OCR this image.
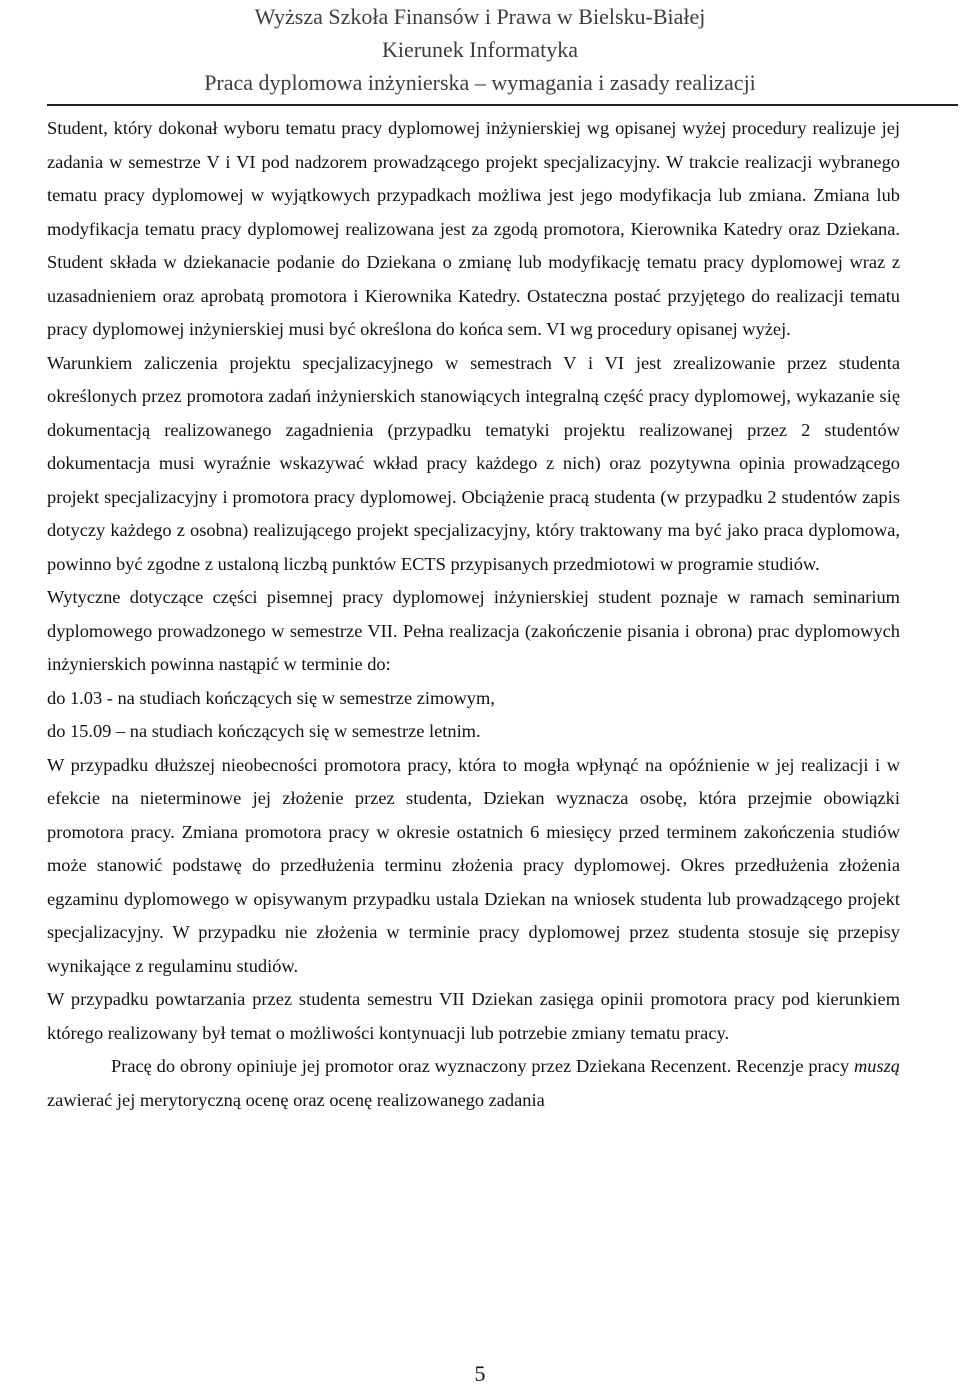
Wyższa Szkoła Finansów i Prawa w Bielsku-Białej
Kierunek Informatyka
Praca dyplomowa inżynierska – wymagania i zasady realizacji

Student, który dokonał wyboru tematu pracy dyplomowej inżynierskiej wg opisanej wyżej procedury realizuje jej zadania w semestrze V i VI pod nadzorem prowadzącego projekt specjalizacyjny. W trakcie realizacji wybranego tematu pracy dyplomowej w wyjątkowych przypadkach możliwa jest jego modyfikacja lub zmiana. Zmiana lub modyfikacja tematu pracy dyplomowej realizowana jest za zgodą promotora, Kierownika Katedry oraz Dziekana. Student składa w dziekanacie podanie do Dziekana o zmianę lub modyfikację tematu pracy dyplomowej wraz z uzasadnieniem oraz aprobatą promotora i Kierownika Katedry. Ostateczna postać przyjętego do realizacji tematu pracy dyplomowej inżynierskiej musi być określona do końca sem. VI wg procedury opisanej wyżej.

Warunkiem zaliczenia projektu specjalizacyjnego w semestrach V i VI jest zrealizowanie przez studenta określonych przez promotora zadań inżynierskich stanowiących integralną część pracy dyplomowej, wykazanie się dokumentacją realizowanego zagadnienia (przypadku tematyki projektu realizowanej przez 2 studentów dokumentacja musi wyraźnie wskazywać wkład pracy każdego z nich) oraz pozytywna opinia prowadzącego projekt specjalizacyjny i promotora pracy dyplomowej. Obciążenie pracą studenta (w przypadku 2 studentów zapis dotyczy każdego z osobna) realizującego projekt specjalizacyjny, który traktowany ma być jako praca dyplomowa, powinno być zgodne z ustaloną liczbą punktów ECTS przypisanych przedmiotowi w programie studiów.

Wytyczne dotyczące części pisemnej pracy dyplomowej inżynierskiej student poznaje w ramach seminarium dyplomowego prowadzonego w semestrze VII. Pełna realizacja (zakończenie pisania i obrona) prac dyplomowych inżynierskich powinna nastąpić w terminie do:

do 1.03 - na studiach kończących się w semestrze zimowym,

do 15.09 – na studiach kończących się w semestrze letnim.

W przypadku dłuższej nieobecności promotora pracy, która to mogła wpłynąć na opóźnienie w jej realizacji i w efekcie na nieterminowe jej złożenie przez studenta, Dziekan wyznacza osobę, która przejmie obowiązki promotora pracy. Zmiana promotora pracy w okresie ostatnich 6 miesięcy przed terminem zakończenia studiów może stanowić podstawę do przedłużenia terminu złożenia pracy dyplomowej. Okres przedłużenia złożenia egzaminu dyplomowego w opisywanym przypadku ustala Dziekan na wniosek studenta lub prowadzącego projekt specjalizacyjny. W przypadku nie złożenia w terminie pracy dyplomowej przez studenta stosuje się przepisy wynikające z regulaminu studiów.

W przypadku powtarzania przez studenta semestru VII Dziekan zasięga opinii promotora pracy pod kierunkiem którego realizowany był temat o możliwości kontynuacji lub potrzebie zmiany tematu pracy.

Pracę do obrony opiniuje jej promotor oraz wyznaczony przez Dziekana Recenzent. Recenzje pracy muszą zawierać jej merytoryczną ocenę oraz ocenę realizowanego zadania

5
